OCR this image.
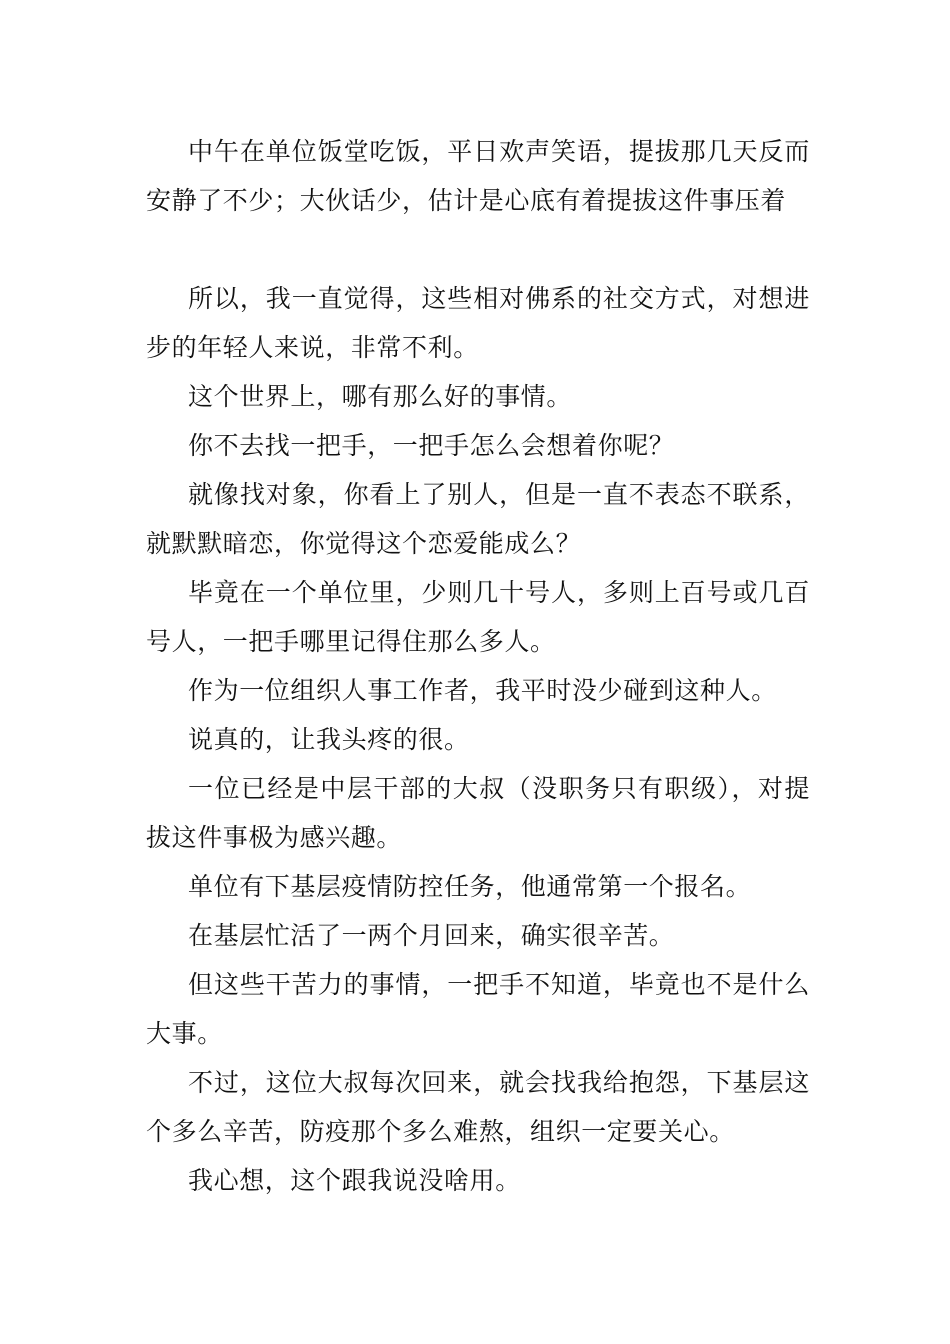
中午在单位饭堂吃饭，平日欢声笑语，提拔那几天反而安静了不少；大伙话少，估计是心底有着提拔这件事压着

所以，我一直觉得，这些相对佛系的社交方式，对想进步的年轻人来说，非常不利。

这个世界上，哪有那么好的事情。

你不去找一把手，一把手怎么会想着你呢？

就像找对象，你看上了别人，但是一直不表态不联系，就默默暗恋，你觉得这个恋爱能成么？

毕竟在一个单位里，少则几十号人，多则上百号或几百号人，一把手哪里记得住那么多人。

作为一位组织人事工作者，我平时没少碰到这种人。

说真的，让我头疼的很。

一位已经是中层干部的大叔（没职务只有职级），对提拔这件事极为感兴趣。

单位有下基层疫情防控任务，他通常第一个报名。

在基层忙活了一两个月回来，确实很辛苦。

但这些干苦力的事情，一把手不知道，毕竟也不是什么大事。

不过，这位大叔每次回来，就会找我给抱怨，下基层这个多么辛苦，防疫那个多么难熬，组织一定要关心。

我心想，这个跟我说没啥用。
